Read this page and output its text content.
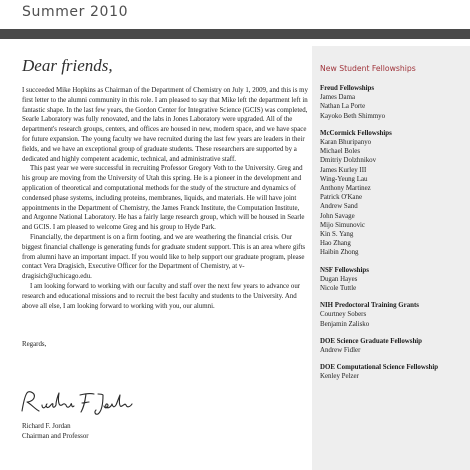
Summer 2010
Dear friends,

I succeeded Mike Hopkins as Chairman of the Department of Chemistry on July 1, 2009, and this is my first letter to the alumni community in this role. I am pleased to say that Mike left the department left in fantastic shape. In the last few years, the Gordon Center for Integrative Science (GCIS) was completed, Searle Laboratory was fully renovated, and the labs in Jones Laboratory were upgraded. All of the department's research groups, centers, and offices are housed in new, modern space, and we have space for future expansion. The young faculty we have recruited during the last few years are leaders in their fields, and we have an exceptional group of graduate students. These researchers are supported by a dedicated and highly competent academic, technical, and administrative staff.

This past year we were successful in recruiting Professor Gregory Voth to the University. Greg and his group are moving from the University of Utah this spring. He is a pioneer in the development and application of theoretical and computational methods for the study of the structure and dynamics of condensed phase systems, including proteins, membranes, liquids, and materials. He will have joint appointments in the Department of Chemistry, the James Franck Institute, the Computation Institute, and Argonne National Laboratory. He has a fairly large research group, which will be housed in Searle and GCIS. I am pleased to welcome Greg and his group to Hyde Park.

Financially, the department is on a firm footing, and we are weathering the financial crisis. Our biggest financial challenge is generating funds for graduate student support. This is an area where gifts from alumni have an important impact. If you would like to help support our graduate program, please contact Vera Dragisich, Executive Officer for the Department of Chemistry, at v-dragisich@uchicago.edu.

I am looking forward to working with our faculty and staff over the next few years to advance our research and educational missions and to recruit the best faculty and students to the University. And above all else, I am looking forward to working with you, our alumni.

Regards,
Richard F. Jordan
Chairman and Professor
New Student Fellowships
Freud Fellowships
James Dama
Nathan La Porte
Kayoko Beth Shimmyo
McCormick Fellowships
Karan Bhuripanyo
Michael Boles
Dmitriy Dolzhnikov
James Kurley III
Wing-Yeung Lau
Anthony Martinez
Patrick O'Kane
Andrew Sand
John Savage
Mijo Simunovic
Kin S. Yang
Hao Zhang
Haibin Zhong
NSF Fellowships
Dugan Hayes
Nicole Tuttle
NIH Predoctoral Training Grants
Courtney Sobers
Benjamin Zalisko
DOE Science Graduate Fellowship
Andrew Fidler
DOE Computational Science Fellowship
Kenley Pelzer
